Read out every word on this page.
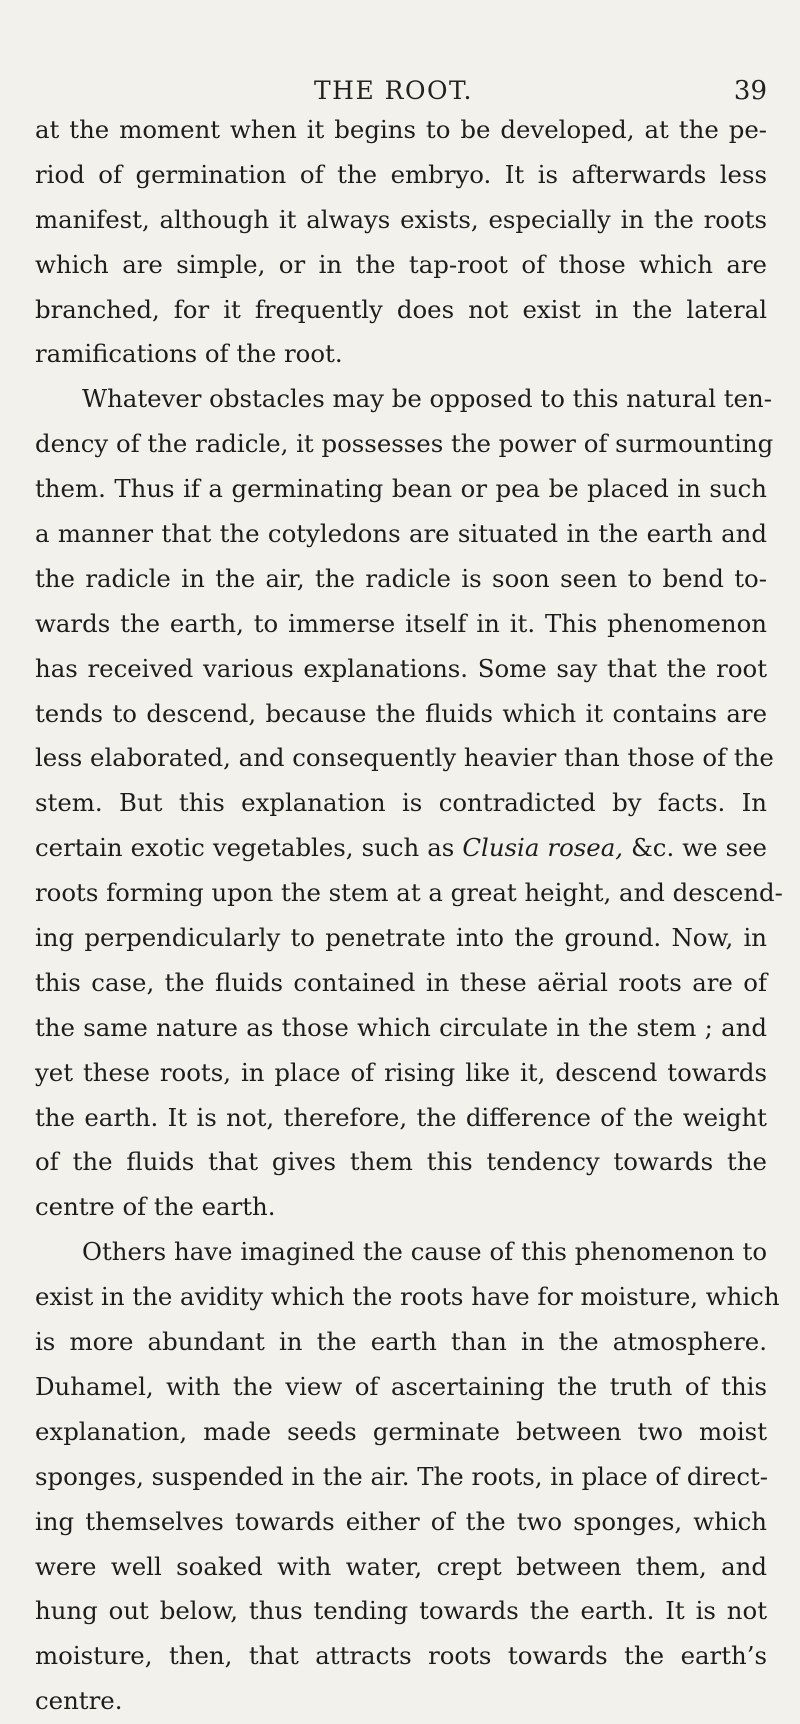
THE ROOT.	39
at the moment when it begins to be developed, at the pe-
riod of germination of the embryo. It is afterwards less
manifest, although it always exists, especially in the roots
which are simple, or in the tap-root of those which are
branched, for it frequently does not exist in the lateral
ramifications of the root.
Whatever obstacles may be opposed to this natural ten-
dency of the radicle, it possesses the power of surmounting
them. Thus if a germinating bean or pea be placed in such
a manner that the cotyledons are situated in the earth and
the radicle in the air, the radicle is soon seen to bend to-
wards the earth, to immerse itself in it. This phenomenon
has received various explanations. Some say that the root
tends to descend, because the fluids which it contains are
less elaborated, and consequently heavier than those of the
stem. But this explanation is contradicted by facts. In
certain exotic vegetables, such as Clusia rosea, &c. we see
roots forming upon the stem at a great height, and descend-
ing perpendicularly to penetrate into the ground. Now, in
this case, the fluids contained in these aërial roots are of
the same nature as those which circulate in the stem ; and
yet these roots, in place of rising like it, descend towards
the earth. It is not, therefore, the difference of the weight
of the fluids that gives them this tendency towards the
centre of the earth.
Others have imagined the cause of this phenomenon to
exist in the avidity which the roots have for moisture, which
is more abundant in the earth than in the atmosphere.
Duhamel, with the view of ascertaining the truth of this
explanation, made seeds germinate between two moist
sponges, suspended in the air. The roots, in place of direct-
ing themselves towards either of the two sponges, which
were well soaked with water, crept between them, and
hung out below, thus tending towards the earth. It is not
moisture, then, that attracts roots towards the earth’s
centre.
